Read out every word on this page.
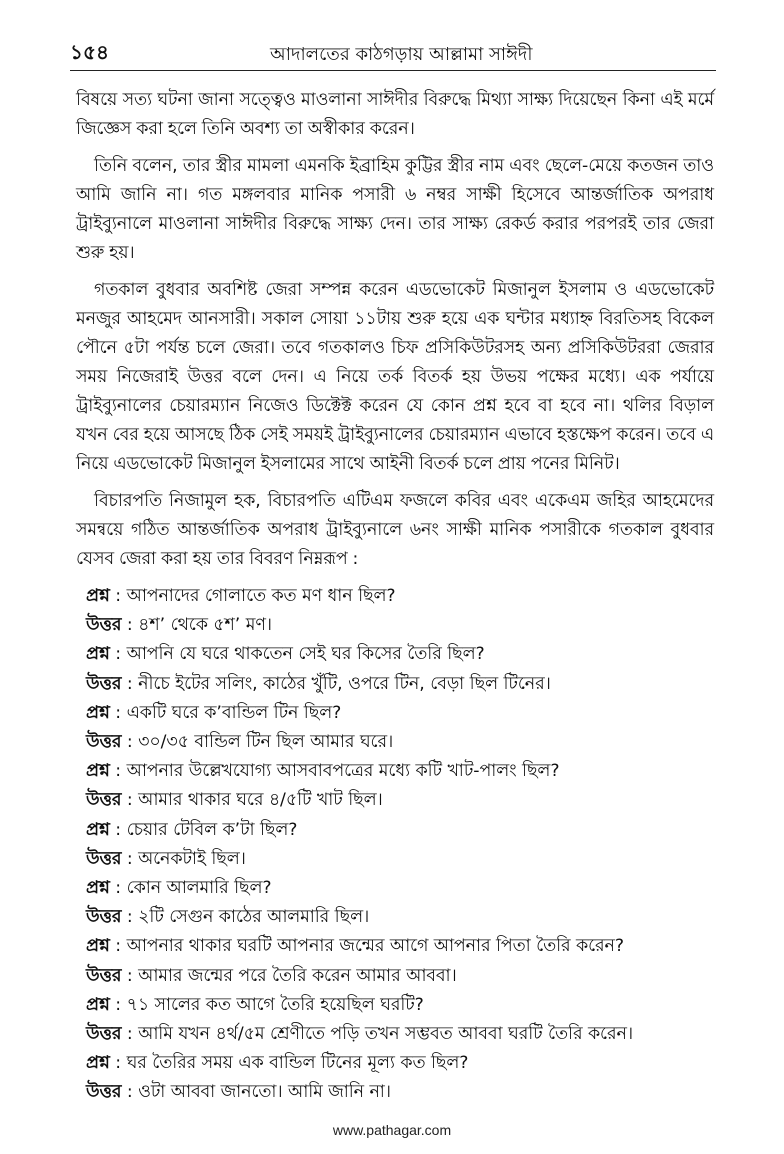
১৫৪	আদালতের কাঠগড়ায় আল্লামা সাঈদী

বিষয়ে সত্য ঘটনা জানা সত্ত্বেও মাওলানা সাঈদীর বিরুদ্ধে মিথ্যা সাক্ষ্য দিয়েছেন কিনা এই মর্মে জিজ্ঞেস করা হলে তিনি অবশ্য তা অস্বীকার করেন।

তিনি বলেন, তার স্ত্রীর মামলা এমনকি ইব্রাহিম কুট্টির স্ত্রীর নাম এবং ছেলে-মেয়ে কতজন তাও আমি জানি না। গত মঙ্গলবার মানিক পসারী ৬ নম্বর সাক্ষী হিসেবে আন্তর্জাতিক অপরাধ ট্রাইব্যুনালে মাওলানা সাঈদীর বিরুদ্ধে সাক্ষ্য দেন। তার সাক্ষ্য রেকর্ড করার পরপরই তার জেরা শুরু হয়।

গতকাল বুধবার অবশিষ্ট জেরা সম্পন্ন করেন এডভোকেট মিজানুল ইসলাম ও এডভোকেট মনজুর আহমেদ আনসারী। সকাল সোয়া ১১টায় শুরু হয়ে এক ঘন্টার মধ্যাহ্ন বিরতিসহ বিকেল পৌনে ৫টা পর্যন্ত চলে জেরা। তবে গতকালও চিফ প্রসিকিউটরসহ অন্য প্রসিকিউটররা জেরার সময় নিজেরাই উত্তর বলে দেন। এ নিয়ে তর্ক বিতর্ক হয় উভয় পক্ষের মধ্যে। এক পর্যায়ে ট্রাইব্যুনালের চেয়ারম্যান নিজেও ডিক্টেক্ট করেন যে কোন প্রশ্ন হবে বা হবে না। থলির বিড়াল যখন বের হয়ে আসছে ঠিক সেই সময়ই ট্রাইব্যুনালের চেয়ারম্যান এভাবে হস্তক্ষেপ করেন। তবে এ নিয়ে এডভোকেট মিজানুল ইসলামের সাথে আইনী বিতর্ক চলে প্রায় পনের মিনিট।

বিচারপতি নিজামুল হক, বিচারপতি এটিএম ফজলে কবির এবং একেএম জহির আহমেদের সমন্বয়ে গঠিত আন্তর্জাতিক অপরাধ ট্রাইব্যুনালে ৬নং সাক্ষী মানিক পসারীকে গতকাল বুধবার যেসব জেরা করা হয় তার বিবরণ নিম্নরূপ :

প্রশ্ন : আপনাদের গোলাতে কত মণ ধান ছিল?
উত্তর : ৪শ’ থেকে ৫শ’ মণ।
প্রশ্ন : আপনি যে ঘরে থাকতেন সেই ঘর কিসের তৈরি ছিল?
উত্তর : নীচে ইটের সলিং, কাঠের খুঁটি, ওপরে টিন, বেড়া ছিল টিনের।
প্রশ্ন : একটি ঘরে ক’বান্ডিল টিন ছিল?
উত্তর : ৩০/৩৫ বান্ডিল টিন ছিল আমার ঘরে।
প্রশ্ন : আপনার উল্লেখযোগ্য আসবাবপত্রের মধ্যে কটি খাট-পালং ছিল?
উত্তর : আমার থাকার ঘরে ৪/৫টি খাট ছিল।
প্রশ্ন : চেয়ার টেবিল ক’টা ছিল?
উত্তর : অনেকটাই ছিল।
প্রশ্ন : কোন আলমারি ছিল?
উত্তর : ২টি সেগুন কাঠের আলমারি ছিল।
প্রশ্ন : আপনার থাকার ঘরটি আপনার জন্মের আগে আপনার পিতা তৈরি করেন?
উত্তর : আমার জন্মের পরে তৈরি করেন আমার আববা।
প্রশ্ন : ৭১ সালের কত আগে তৈরি হয়েছিল ঘরটি?
উত্তর : আমি যখন ৪র্থ/৫ম শ্রেণীতে পড়ি তখন সম্ভবত আববা ঘরটি তৈরি করেন।
প্রশ্ন : ঘর তৈরির সময় এক বান্ডিল টিনের মূল্য কত ছিল?
উত্তর : ওটা আববা জানতো। আমি জানি না।
www.pathagar.com
